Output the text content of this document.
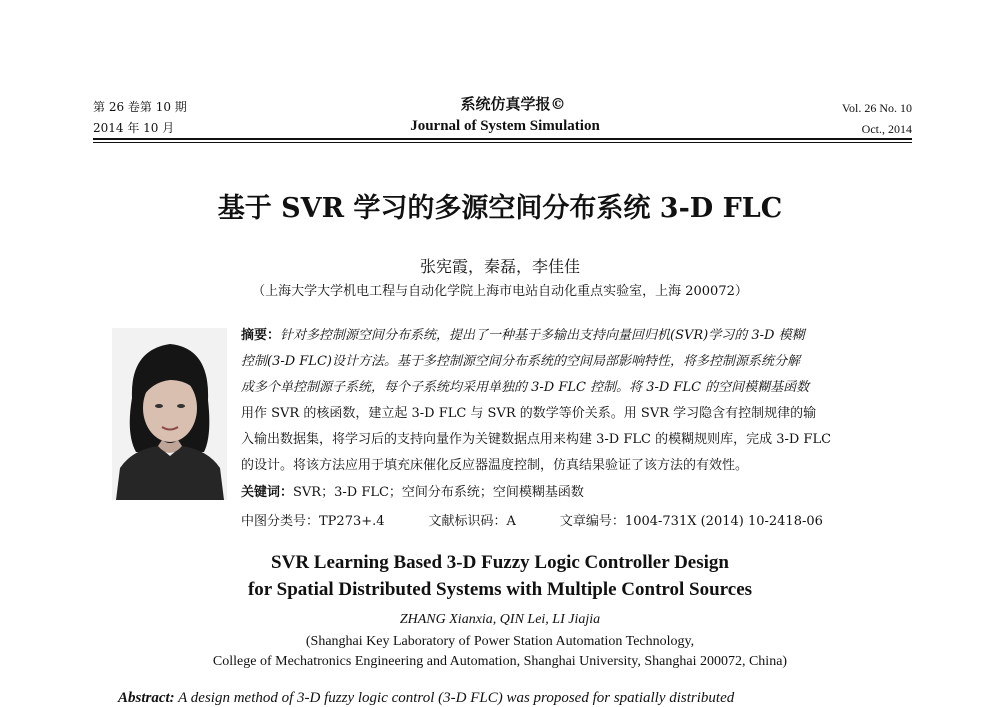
第 26 卷第 10 期
2014 年 10 月
系统仿真学报©
Journal of System Simulation
Vol. 26 No. 10
Oct., 2014
基于 SVR 学习的多源空间分布系统 3-D FLC
张宪霞，秦磊，李佳佳
（上海大学大学机电工程与自动化学院上海市电站自动化重点实验室，上海 200072）
摘要：针对多控制源空间分布系统，提出了一种基于多输出支持向量回归机(SVR)学习的 3-D 模糊
控制(3-D FLC)设计方法。基于多控制源空间分布系统的空间局部影响特性，将多控制源系统分解
成多个单控制源子系统，每个子系统均采用单独的 3-D FLC 控制。将 3-D FLC 的空间模糊基函数
用作 SVR 的核函数，建立起 3-D FLC 与 SVR 的数学等价关系。用 SVR 学习隐含有控制规律的输
入输出数据集，将学习后的支持向量作为关键数据点用来构建 3-D FLC 的模糊规则库，完成 3-D FLC
的设计。将该方法应用于填充床催化反应器温度控制，仿真结果验证了该方法的有效性。
关键词：SVR；3-D FLC；空间分布系统；空间模糊基函数
中图分类号：TP273+.4	文献标识码：A	文章编号：1004-731X (2014) 10-2418-06
SVR Learning Based 3-D Fuzzy Logic Controller Design
for Spatial Distributed Systems with Multiple Control Sources
ZHANG Xianxia, QIN Lei, LI Jiajia
(Shanghai Key Laboratory of Power Station Automation Technology,
College of Mechatronics Engineering and Automation, Shanghai University, Shanghai 200072, China)
Abstract: A design method of 3-D fuzzy logic control (3-D FLC) was proposed for spatially distributed
